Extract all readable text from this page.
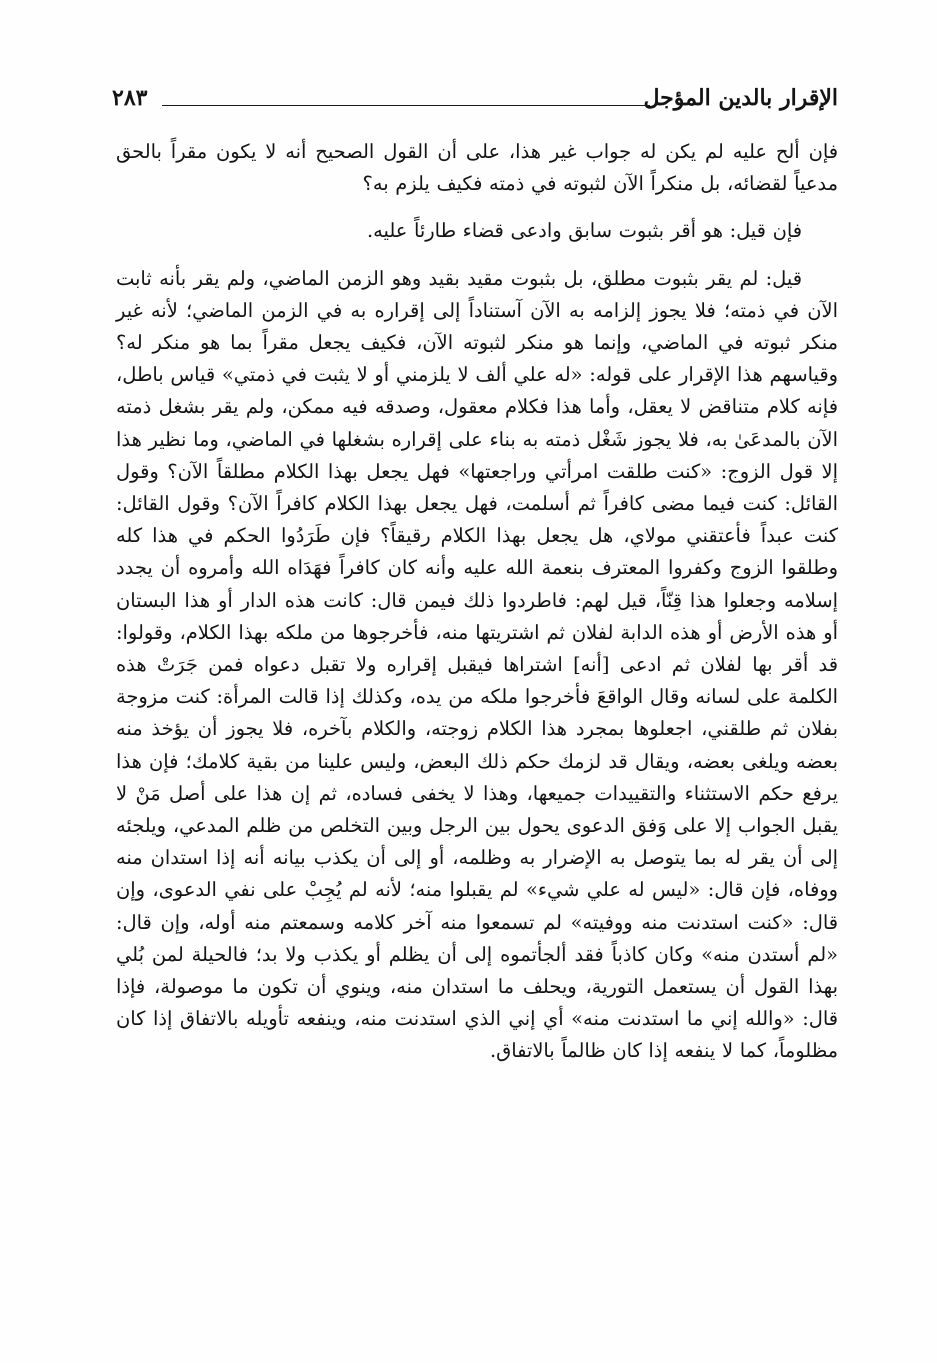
الإقرار بالدين المؤجل
٢٨٣

فإن ألح عليه لم يكن له جواب غير هذا، على أن القول الصحيح أنه لا يكون مقراً بالحق مدعياً لقضائه، بل منكراً الآن لثبوته في ذمته فكيف يلزم به؟

فإن قيل: هو أقر بثبوت سابق وادعى قضاء طارئاً عليه.

قيل: لم يقر بثبوت مطلق، بل بثبوت مقيد بقيد وهو الزمن الماضي، ولم يقر بأنه ثابت الآن في ذمته؛ فلا يجوز إلزامه به الآن آستناداً إلى إقراره به في الزمن الماضي؛ لأنه غير منكر ثبوته في الماضي، وإنما هو منكر لثبوته الآن، فكيف يجعل مقراً بما هو منكر له؟ وقياسهم هذا الإقرار على قوله: «له علي ألف لا يلزمني أو لا يثبت في ذمتي» قياس باطل، فإنه كلام متناقض لا يعقل، وأما هذا فكلام معقول، وصدقه فيه ممكن، ولم يقر بشغل ذمته الآن بالمدعَىٰ به، فلا يجوز شَغْل ذمته به بناء على إقراره بشغلها في الماضي، وما نظير هذا إلا قول الزوج: «كنت طلقت امرأتي وراجعتها» فهل يجعل بهذا الكلام مطلقاً الآن؟ وقول القائل: كنت فيما مضى كافراً ثم أسلمت، فهل يجعل بهذا الكلام كافراً الآن؟ وقول القائل: كنت عبداً فأعتقني مولاي، هل يجعل بهذا الكلام رقيقاً؟ فإن طَرَدُوا الحكم في هذا كله وطلقوا الزوج وكفروا المعترف بنعمة الله عليه وأنه كان كافراً فهَدَاه الله وأمروه أن يجدد إسلامه وجعلوا هذا قِنّاً، قيل لهم: فاطردوا ذلك فيمن قال: كانت هذه الدار أو هذا البستان أو هذه الأرض أو هذه الدابة لفلان ثم اشتريتها منه، فأخرجوها من ملكه بهذا الكلام، وقولوا: قد أقر بها لفلان ثم ادعى [أنه] اشتراها فيقبل إقراره ولا تقبل دعواه فمن جَرَتْ هذه الكلمة على لسانه وقال الواقعَ فأخرجوا ملكه من يده، وكذلك إذا قالت المرأة: كنت مزوجة بفلان ثم طلقني، اجعلوها بمجرد هذا الكلام زوجته، والكلام بآخره، فلا يجوز أن يؤخذ منه بعضه ويلغى بعضه، ويقال قد لزمك حكم ذلك البعض، وليس علينا من بقية كلامك؛ فإن هذا يرفع حكم الاستثناء والتقييدات جميعها، وهذا لا يخفى فساده، ثم إن هذا على أصل مَنْ لا يقبل الجواب إلا على وَفق الدعوى يحول بين الرجل وبين التخلص من ظلم المدعي، ويلجئه إلى أن يقر له بما يتوصل به الإضرار به وظلمه، أو إلى أن يكذب بيانه أنه إذا استدان منه ووفاه، فإن قال: «ليس له علي شيء» لم يقبلوا منه؛ لأنه لم يُجِبْ على نفي الدعوى، وإن قال: «كنت استدنت منه ووفيته» لم تسمعوا منه آخر كلامه وسمعتم منه أوله، وإن قال: «لم أستدن منه» وكان كاذباً فقد ألجأتموه إلى أن يظلم أو يكذب ولا بد؛ فالحيلة لمن بُلي بهذا القول أن يستعمل التورية، ويحلف ما استدان منه، وينوي أن تكون ما موصولة، فإذا قال: «والله إني ما استدنت منه» أي إني الذي استدنت منه، وينفعه تأويله بالاتفاق إذا كان مظلوماً، كما لا ينفعه إذا كان ظالماً بالاتفاق.
